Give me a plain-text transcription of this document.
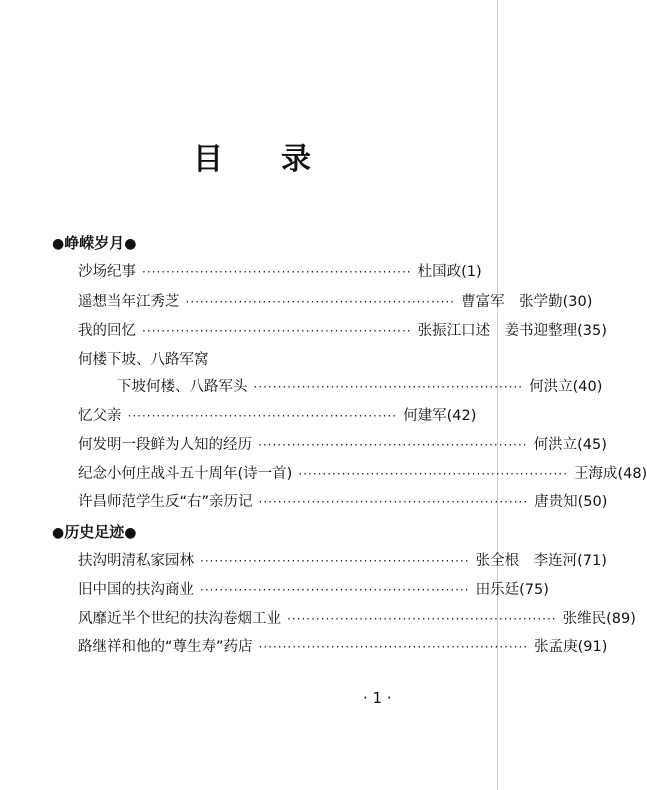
目录
●峥嵘岁月●
沙场纪事 ························································ 杜国政 (1)
遥想当年江秀芝 ························································ 曹富军　张学勤 (30)
我的回忆 ························································ 张振江口述　姜书迎整理 (35)
何楼下坡、八路军窝
下坡何楼、八路军头 ························································ 何洪立 (40)
忆父亲 ························································ 何建军 (42)
何发明一段鲜为人知的经历 ························································ 何洪立 (45)
纪念小何庄战斗五十周年(诗一首) ························································ 王海成 (48)
许昌师范学生反“右”亲历记 ························································ 唐贵知 (50)
●历史足迹●
扶沟明清私家园林 ························································ 张全根　李连河 (71)
旧中国的扶沟商业 ························································ 田乐廷 (75)
风靡近半个世纪的扶沟卷烟工业 ························································ 张维民 (89)
路继祥和他的“尊生寿”药店 ························································ 张孟庚 (91)
· 1 ·
